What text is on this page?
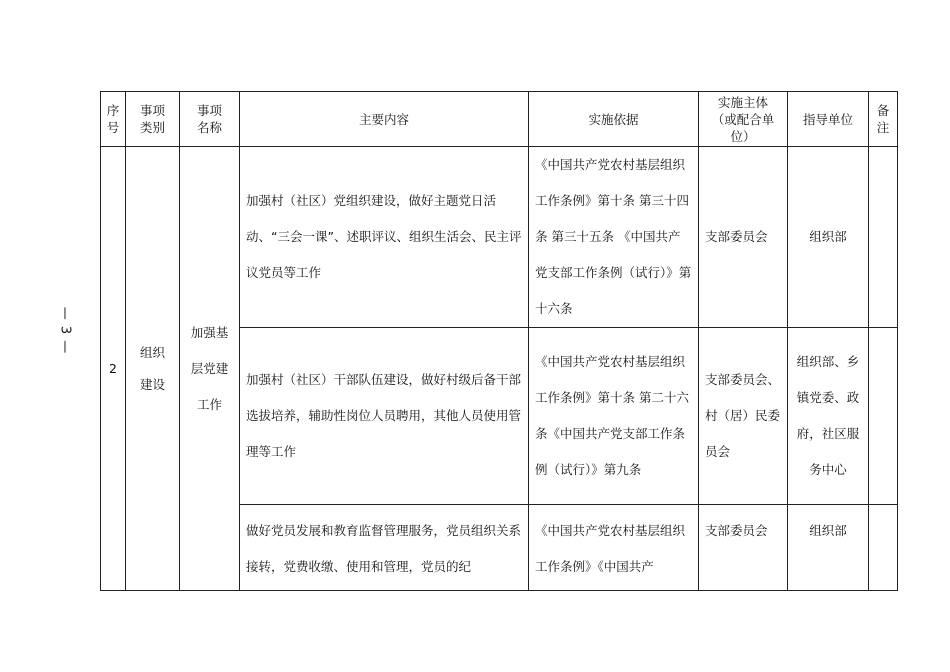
— 3 —
序号	事项类别	事项名称	主要内容	实施依据	实施主体（或配合单位）	指导单位	备注
2	组织建设	加强基层党建工作	加强村（社区）党组织建设，做好主题党日活动、“三会一课”、述职评议、组织生活会、民主评议党员等工作	《中国共产党农村基层组织工作条例》第十条 第三十四条 第三十五条 《中国共产党支部工作条例（试行）》第十六条	支部委员会	组织部	

			加强村（社区）干部队伍建设，做好村级后备干部选拔培养，辅助性岗位人员聘用，其他人员使用管理等工作	《中国共产党农村基层组织工作条例》第十条 第二十六条《中国共产党支部工作条例（试行）》第九条	支部委员会、村（居）民委员会	组织部、乡镇党委、政府，社区服务中心	

			做好党员发展和教育监督管理服务，党员组织关系接转，党费收缴、使用和管理，党员的纪	《中国共产党农村基层组织工作条例》《中国共产	支部委员会	组织部	
